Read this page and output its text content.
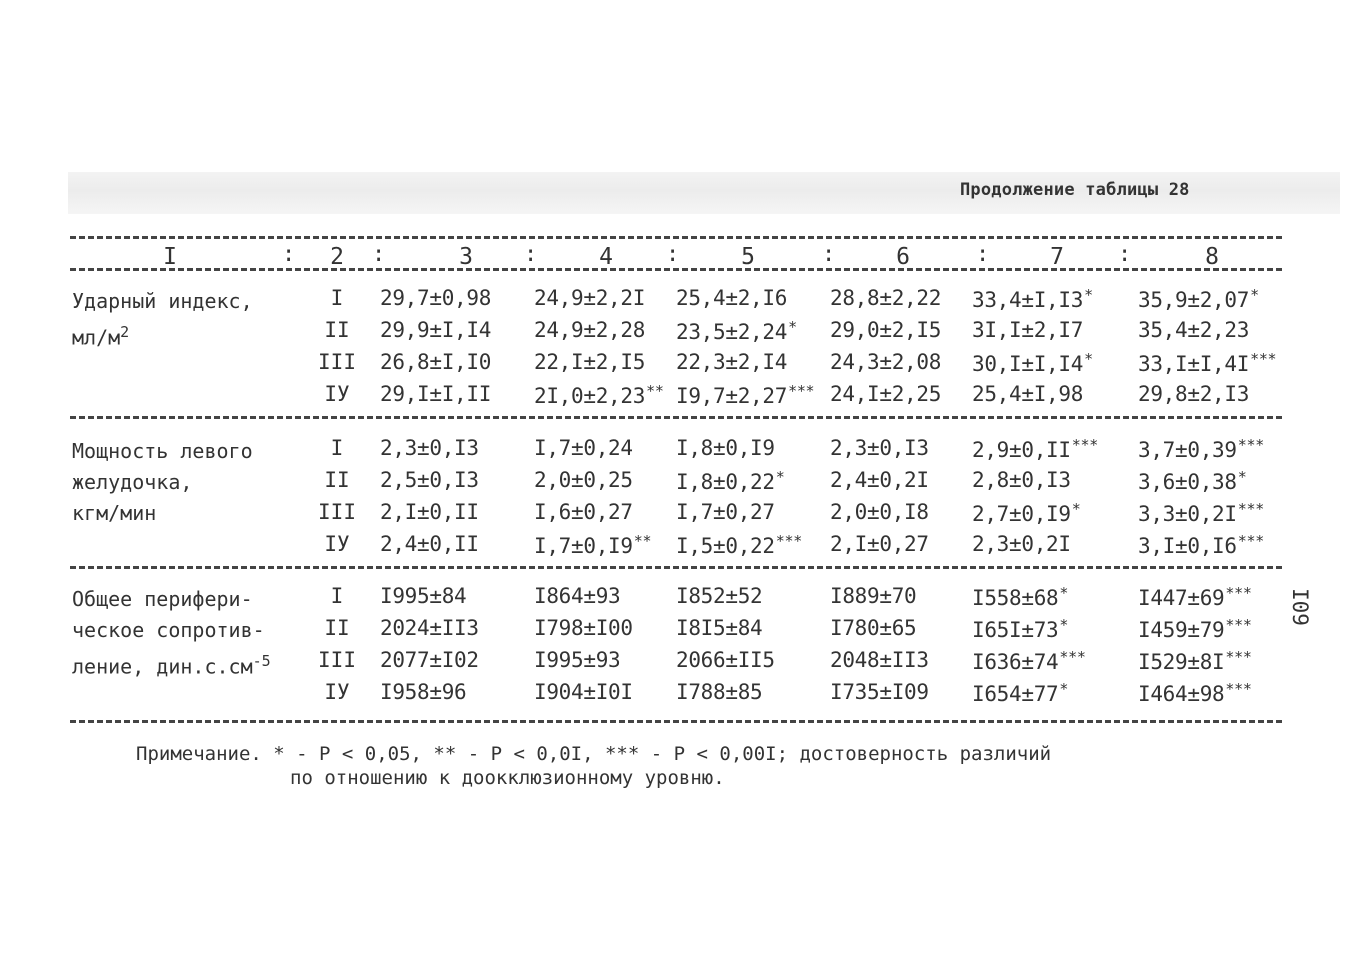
Продолжение таблицы 28
I	2	3	4	5	6	7	8
:	:	:	:	:	:	:
Ударный индекс,
$мл/м^2$
I	29,7±0,98 24,9±2,2I 25,4±2,I6 28,8±2,22 33,4±I,I3* 35,9±2,07*
II	29,9±I,I4 24,9±2,28 23,5±2,24* 29,0±2,I5 3I,I±2,I7	35,4±2,23
III 26,8±I,I0 22,I±2,I5 22,3±2,I4 24,3±2,08 30,I±I,I4* 33,I±I,4I***
IУ	29,I±I,II 2I,0±2,23** I9,7±2,27*** 24,I±2,25 25,4±I,98	29,8±2,I3
Мощность левого
желудочка,
кгм/мин
I	2,3±0,I3	I,7±0,24 I,8±0,I9	2,3±0,I3 2,9±0,II*** 3,7±0,39***
II	2,5±0,I3	2,0±0,25 I,8±0,22* 2,4±0,2I 2,8±0,I3	3,6±0,38*
III 2,I±0,II	I,6±0,27 I,7±0,27	2,0±0,I8 2,7±0,I9*	3,3±0,2I***
IУ	2,4±0,II	I,7±0,I9** I,5±0,22*** 2,I±0,27 2,3±0,2I	3,I±0,I6***
Общее перифери-
ческое сопротив-
ление, $дин.с.см^{-5}$
I	I995±84	I864±93	I852±52	I889±70	I558±68*	I447±69***
II	2024±II3	I798±I00 I8I5±84	I780±65	I65I±73*	I459±79***
III 2077±I02	I995±93	2066±II5	2048±II3 I636±74*** I529±8I***
IУ	I958±96	I904±I0I I788±85	I735±I09 I654±77*	I464±98***
Примечание. * - P < 0,05, ** - P < 0,0I, *** - P < 0,00I; достоверность различий
по отношению к доокклюзионному уровню.
I09
